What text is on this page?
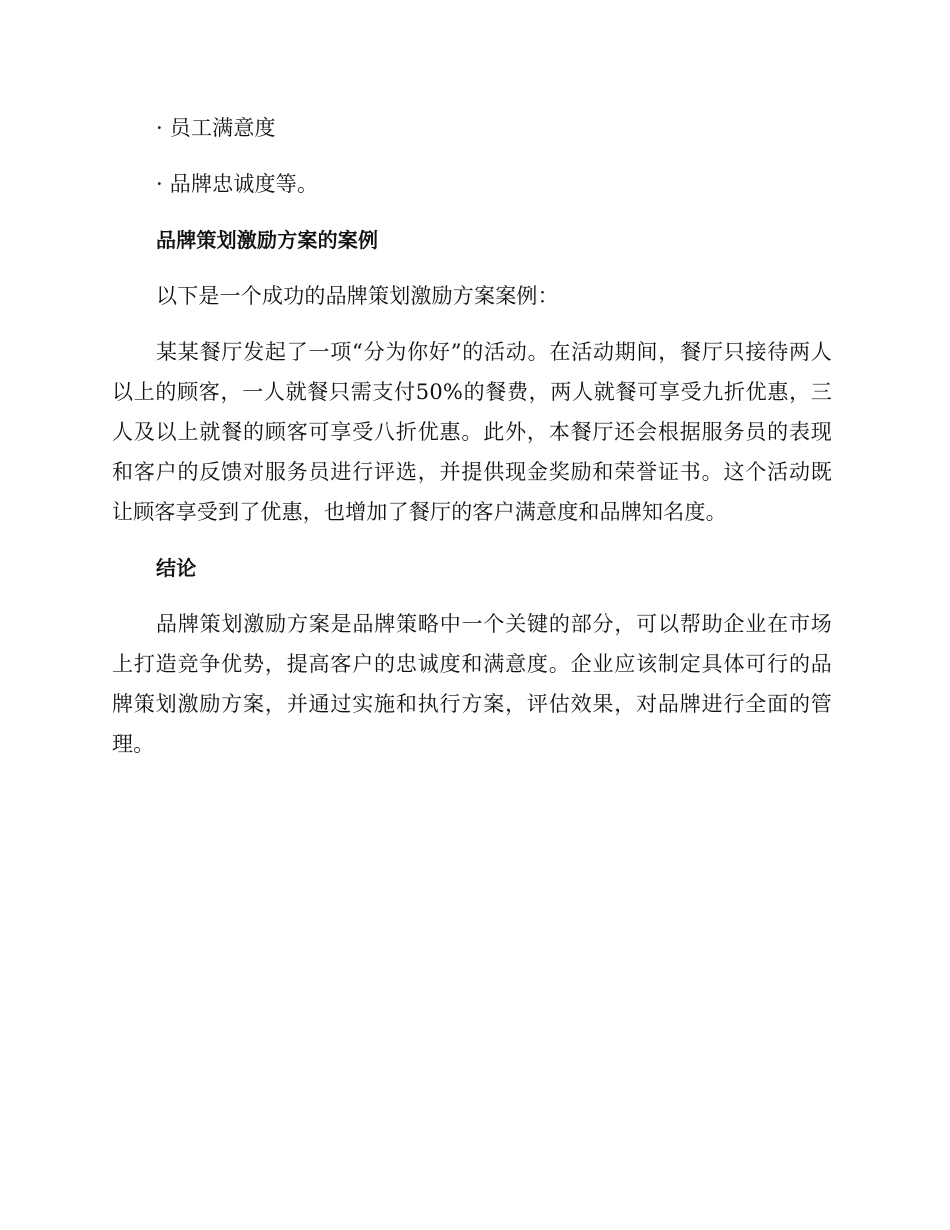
· 员工满意度

· 品牌忠诚度等。

品牌策划激励方案的案例

以下是一个成功的品牌策划激励方案案例：

某某餐厅发起了一项“分为你好”的活动。在活动期间，餐厅只接待两人以上的顾客，一人就餐只需支付50%的餐费，两人就餐可享受九折优惠，三人及以上就餐的顾客可享受八折优惠。此外，本餐厅还会根据服务员的表现和客户的反馈对服务员进行评选，并提供现金奖励和荣誉证书。这个活动既让顾客享受到了优惠，也增加了餐厅的客户满意度和品牌知名度。

结论

品牌策划激励方案是品牌策略中一个关键的部分，可以帮助企业在市场上打造竞争优势，提高客户的忠诚度和满意度。企业应该制定具体可行的品牌策划激励方案，并通过实施和执行方案，评估效果，对品牌进行全面的管理。
